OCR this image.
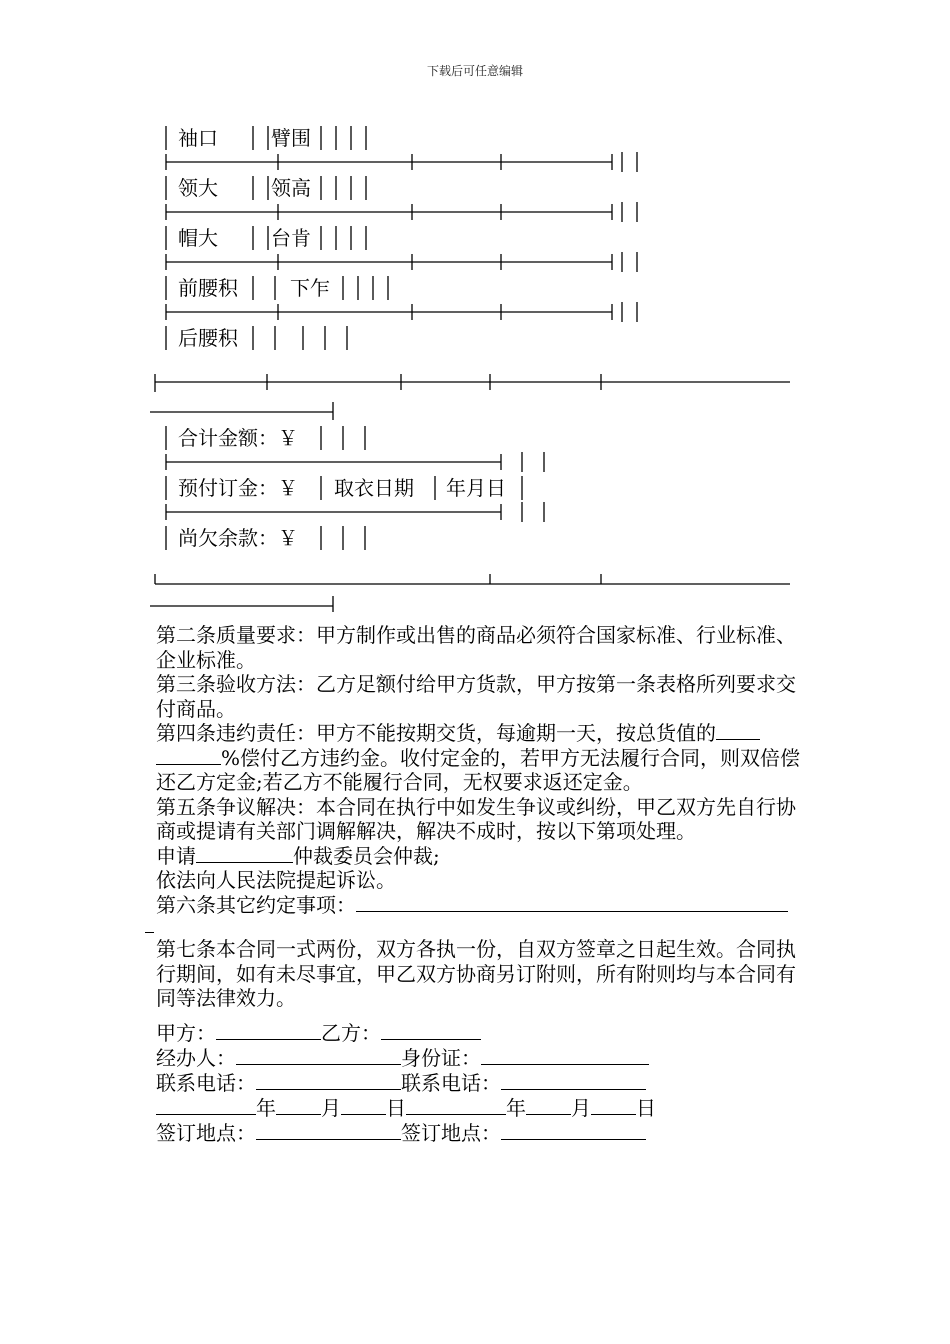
下载后可任意编辑
袖口	臂围
领大	领高
帽大	台肯
前腰积	下乍
后腰积
合计金额：￥
预付订金：￥ 取衣日期 年月日
尚欠余款：￥
第二条质量要求：甲方制作或出售的商品必须符合国家标准、行业标准、企业标准。
第三条验收方法：乙方足额付给甲方货款，甲方按第一条表格所列要求交付商品。
第四条违约责任：甲方不能按期交货，每逾期一天，按总货值的%偿付乙方违约金。收付定金的，若甲方无法履行合同，则双倍偿还乙方定金;若乙方不能履行合同，无权要求返还定金。
第五条争议解决：本合同在执行中如发生争议或纠纷，甲乙双方先自行协商或提请有关部门调解解决，解决不成时，按以下第项处理。
申请	仲裁委员会仲裁;
依法向人民法院提起诉讼。
第六条其它约定事项：
第七条本合同一式两份，双方各执一份，自双方签章之日起生效。合同执行期间，如有未尽事宜，甲乙双方协商另订附则，所有附则均与本合同有同等法律效力。
甲方：	乙方：
经办人：	身份证：
联系电话：	联系电话：
年 月 日	年 月 日
签订地点：	签订地点：
